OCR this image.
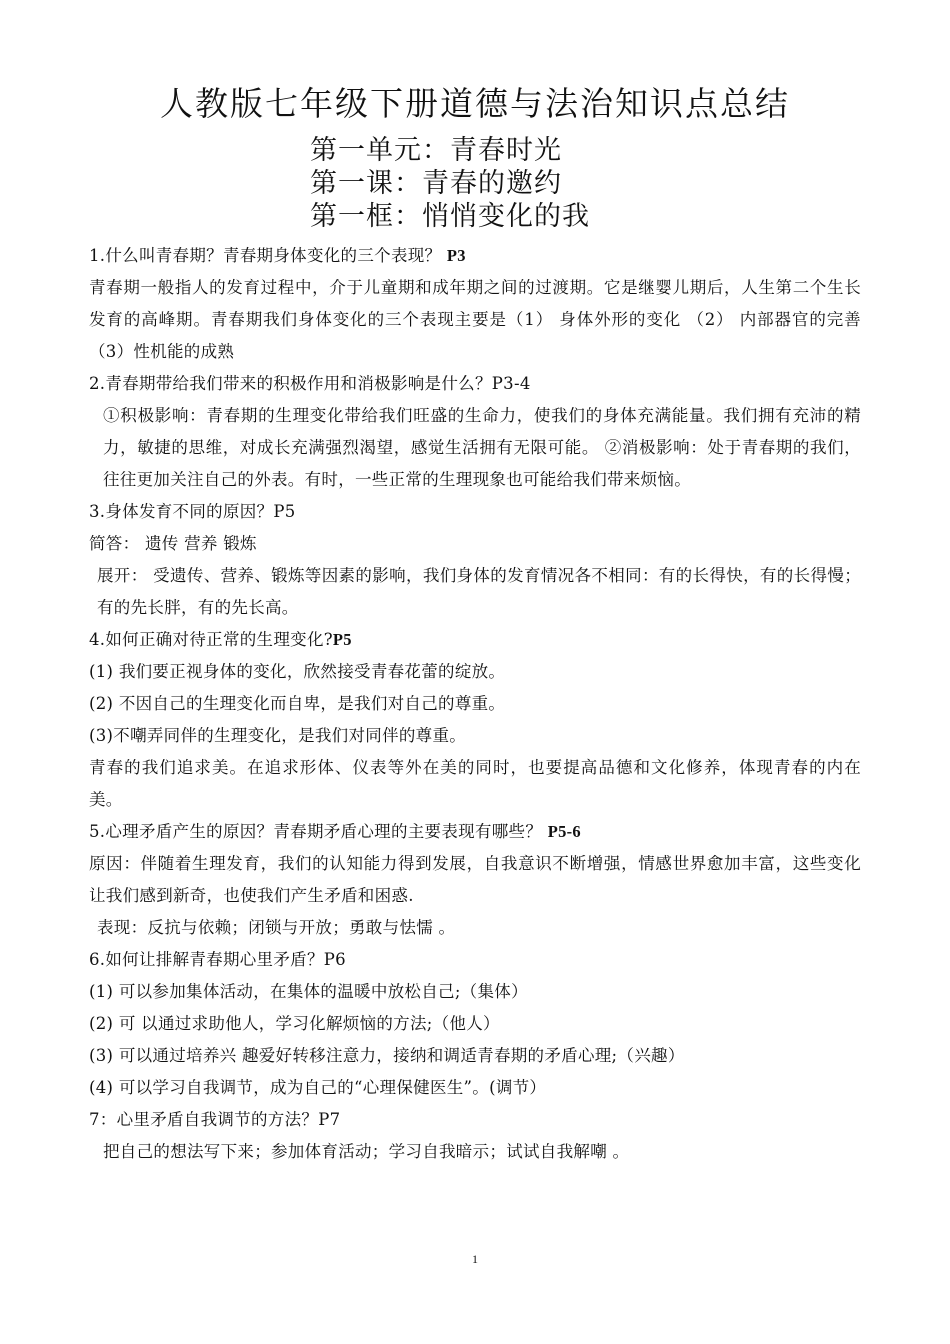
人教版七年级下册道德与法治知识点总结
第一单元：青春时光
第一课：青春的邀约
第一框：悄悄变化的我
1.什么叫青春期？青春期身体变化的三个表现？ P3
青春期一般指人的发育过程中，介于儿童期和成年期之间的过渡期。它是继婴儿期后，人生第二个生长发育的高峰期。青春期我们身体变化的三个表现主要是（1） 身体外形的变化 （2） 内部器官的完善 （3）性机能的成熟
2.青春期带给我们带来的积极作用和消极影响是什么？P3-4
①积极影响：青春期的生理变化带给我们旺盛的生命力，使我们的身体充满能量。我们拥有充沛的精力，敏捷的思维，对成长充满强烈渴望，感觉生活拥有无限可能。 ②消极影响：处于青春期的我们，往往更加关注自己的外表。有时，一些正常的生理现象也可能给我们带来烦恼。
3.身体发育不同的原因？P5
简答： 遗传 营养 锻炼
展开： 受遗传、营养、锻炼等因素的影响，我们身体的发育情况各不相同：有的长得快，有的长得慢；有的先长胖，有的先长高。
4.如何正确对待正常的生理变化?P5
(1) 我们要正视身体的变化，欣然接受青春花蕾的绽放。
(2) 不因自己的生理变化而自卑，是我们对自己的尊重。
(3)不嘲弄同伴的生理变化，是我们对同伴的尊重。
青春的我们追求美。在追求形体、仪表等外在美的同时，也要提高品德和文化修养，体现青春的内在美。
5.心理矛盾产生的原因？青春期矛盾心理的主要表现有哪些？ P5-6
原因：伴随着生理发育，我们的认知能力得到发展，自我意识不断增强，情感世界愈加丰富，这些变化让我们感到新奇，也使我们产生矛盾和困惑.
表现：反抗与依赖；闭锁与开放；勇敢与怯懦 。
6.如何让排解青春期心里矛盾？P6
(1) 可以参加集体活动，在集体的温暖中放松自己;（集体）
(2) 可 以通过求助他人，学习化解烦恼的方法;（他人）
(3) 可以通过培养兴 趣爱好转移注意力，接纳和调适青春期的矛盾心理;（兴趣）
(4) 可以学习自我调节，成为自己的“心理保健医生”。(调节）
7：心里矛盾自我调节的方法？P7
把自己的想法写下来；参加体育活动；学习自我暗示；试试自我解嘲 。
1
